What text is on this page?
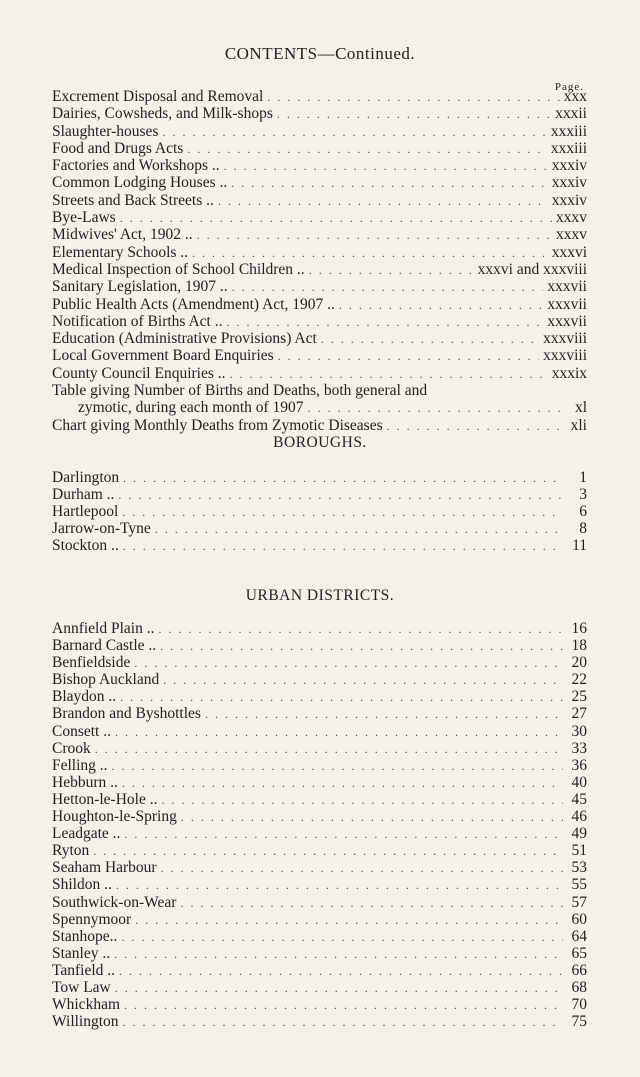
CONTENTS—Continued.
Page.
Excrement Disposal and Removal . . .	xxx
Dairies, Cowsheds, and Milk-shops . . .	xxxii
Slaughter-houses . . .	xxxiii
Food and Drugs Acts . . .	xxxiii
Factories and Workshops .. . . .	xxxiv
Common Lodging Houses .. . . .	xxxiv
Streets and Back Streets .. . . .	xxxiv
Bye-Laws . . .	xxxv
Midwives' Act, 1902 .. . . .	xxxv
Elementary Schools .. . . .	xxxvi
Medical Inspection of School Children .. . . .	xxxvi and xxxviii
Sanitary Legislation, 1907 .. . . .	xxxvii
Public Health Acts (Amendment) Act, 1907 .. . . .	xxxvii
Notification of Births Act .. . . .	xxxvii
Education (Administrative Provisions) Act . . .	xxxviii
Local Government Board Enquiries . . .	xxxviii
County Council Enquiries .. . . .	xxxix
Table giving Number of Births and Deaths, both general and
zymotic, during each month of 1907 . . .	xl
Chart giving Monthly Deaths from Zymotic Diseases . . .	xli
BOROUGHS.
Darlington . . .	1
Durham .. . . .	3
Hartlepool . . .	6
Jarrow-on-Tyne . . .	8
Stockton .. . . .	11
URBAN DISTRICTS.
Annfield Plain .. . . .	16
Barnard Castle .. . . .	18
Benfieldside . . .	20
Bishop Auckland . . .	22
Blaydon .. . . .	25
Brandon and Byshottles . . .	27
Consett .. . . .	30
Crook . . .	33
Felling .. . . .	36
Hebburn .. . . .	40
Hetton-le-Hole .. . . .	45
Houghton-le-Spring . . .	46
Leadgate .. . . .	49
Ryton . . .	51
Seaham Harbour . . .	53
Shildon .. . . .	55
Southwick-on-Wear . . .	57
Spennymoor . . .	60
Stanhope.. . . .	64
Stanley .. . . .	65
Tanfield .. . . .	66
Tow Law . . .	68
Whickham . . .	70
Willington . . .	75
